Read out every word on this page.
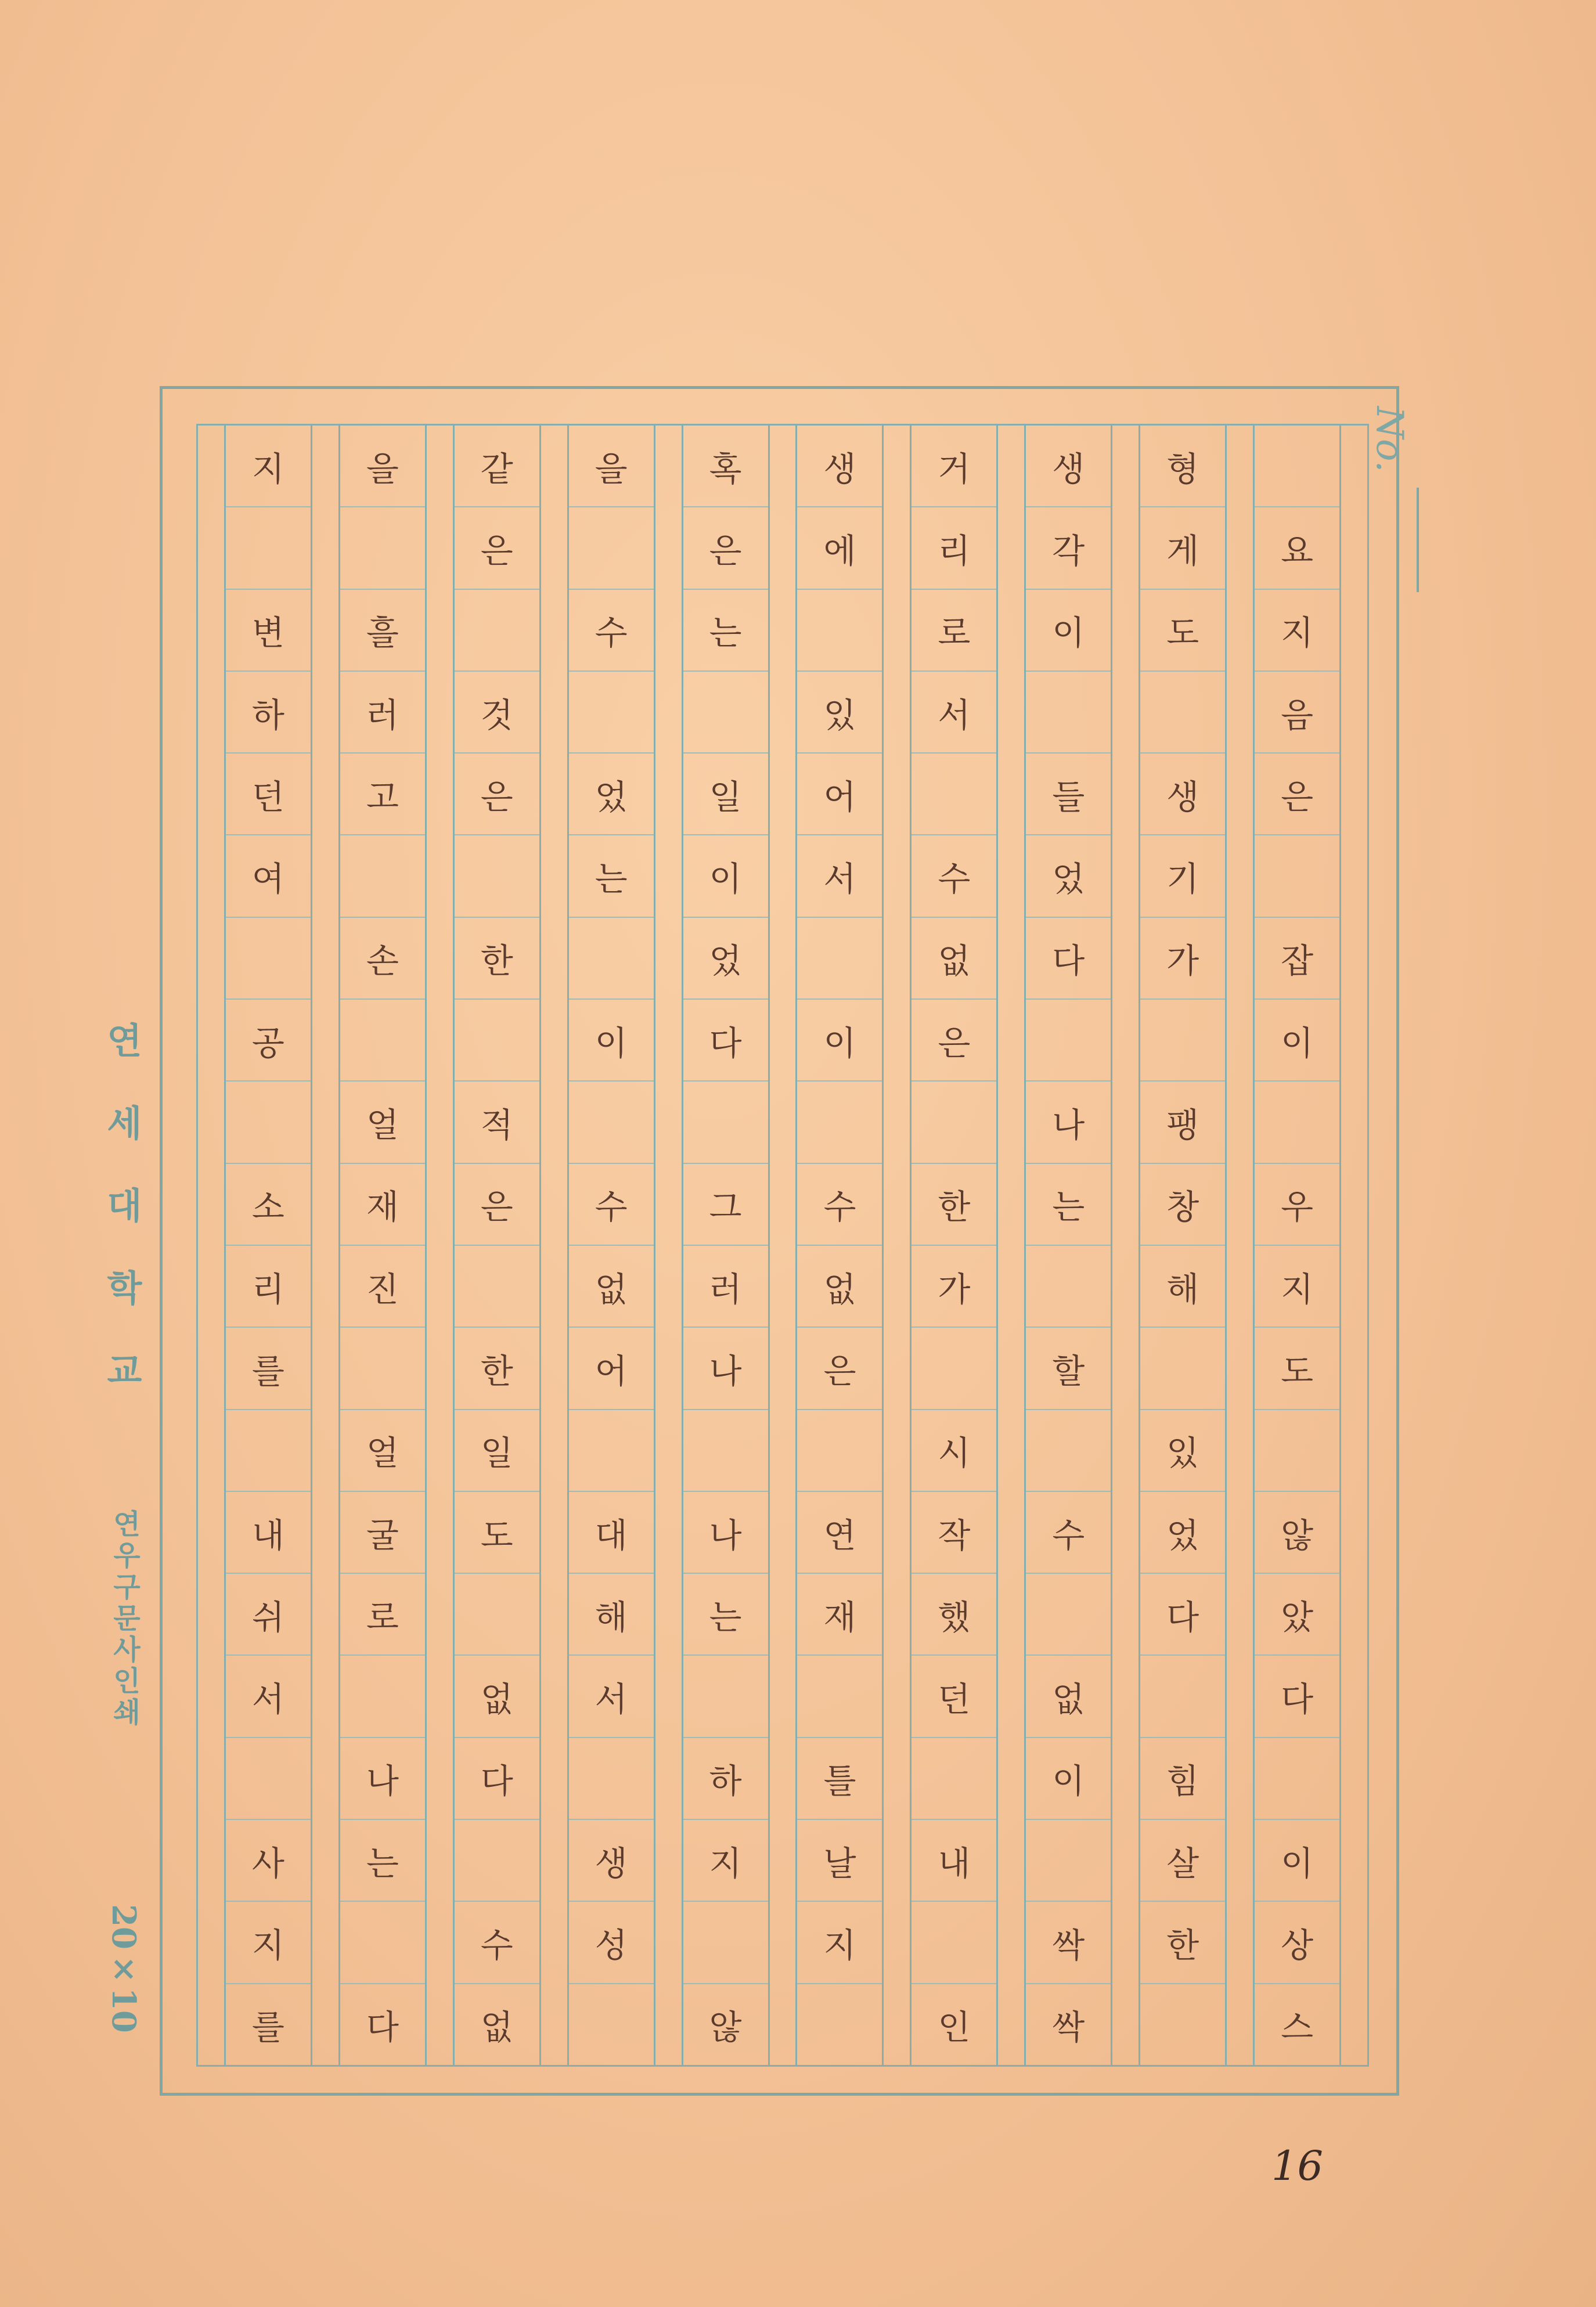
요
지
음
은
잡
이
우
지
도
않
았
다
이
상
스
형
게
도
생
기
가
팽
창
해
있
었
다
힘
살
한
생
각
이
들
었
다
나
는
할
수
없
이
싹
싹
거
리
로
서
수
없
은
한
가
시
작
했
던
내
인
생
에
있
어
서
이
수
없
은
연
재
틀
날
지
혹
은
는
일
이
었
다
그
러
나
나
는
하
지
않
을
수
었
는
이
수
없
어
대
해
서
생
성
같
은
것
은
한
적
은
한
일
도
없
다
수
없
을
흘
러
고
손
얼
재
진
얼
굴
로
나
는
다
지
변
하
던
여
공
소
리
를
내
쉬
서
사
지
를
No.
연세대학교
연우구문사인쇄
20×10
16
